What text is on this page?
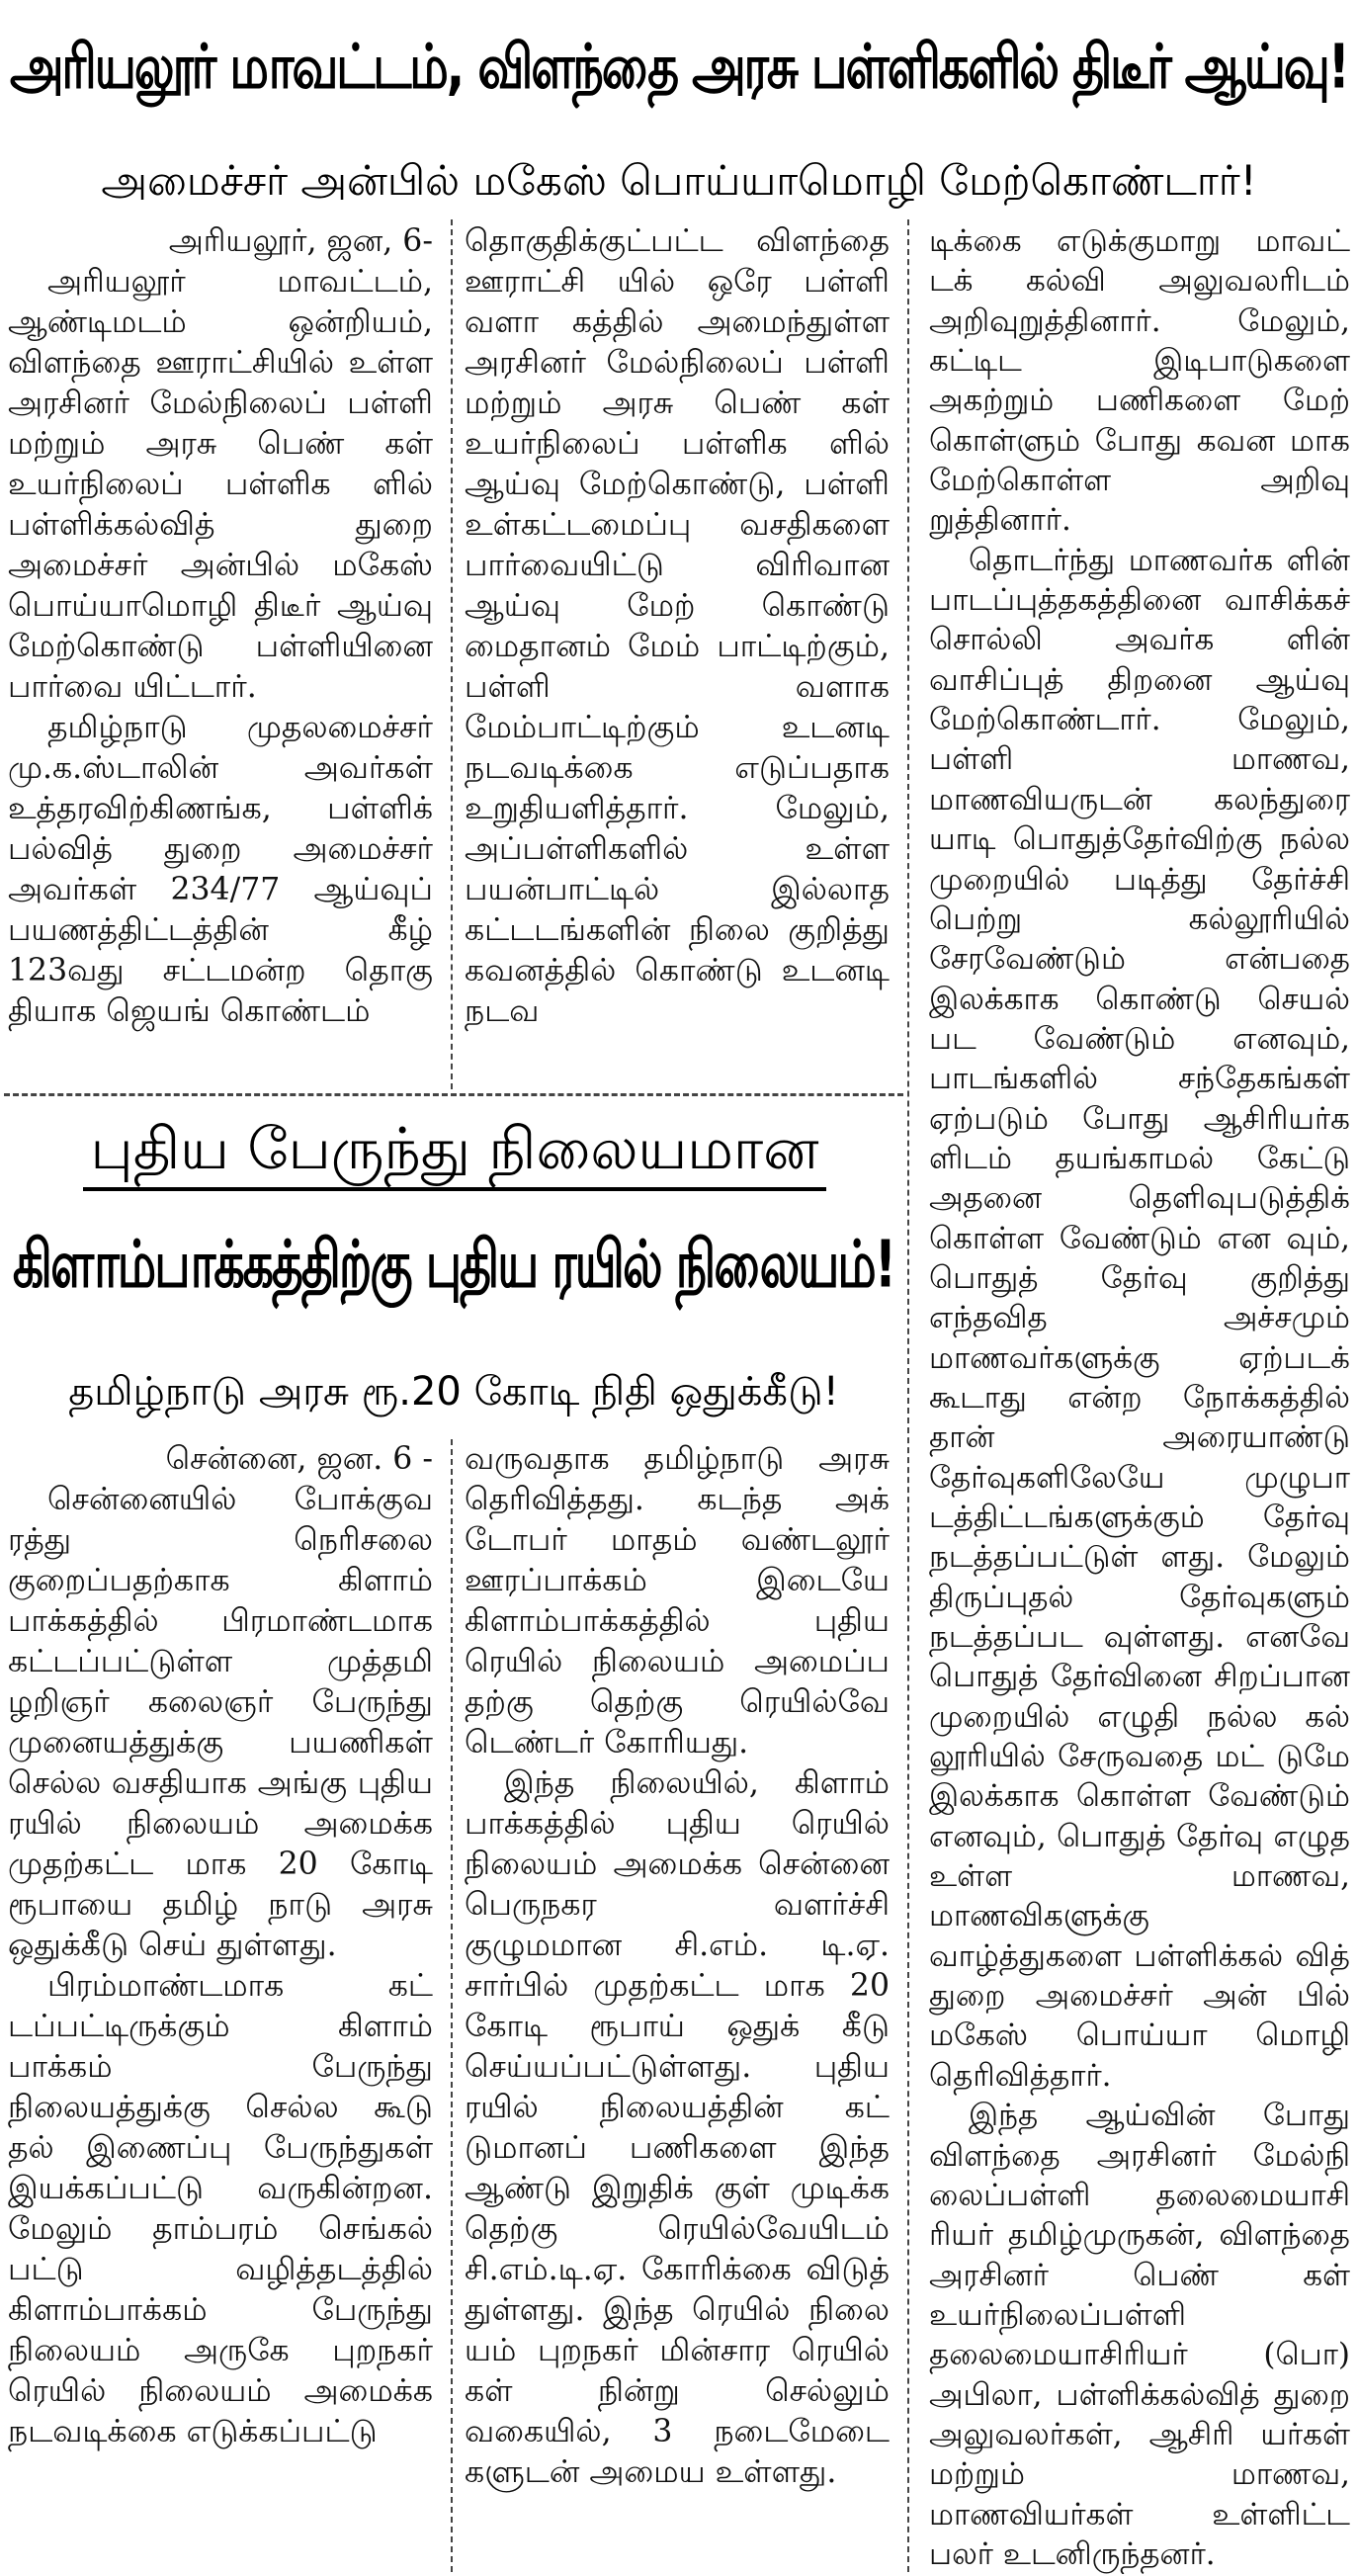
அரியலூர் மாவட்டம், விளந்தை அரசு பள்ளிகளில் திடீர் ஆய்வு!
அமைச்சர் அன்பில் மகேஸ் பொய்யாமொழி மேற்கொண்டார்!

அரியலூர், ஜன, 6-

அரியலூர் மாவட்டம், ஆண்டிமடம் ஒன்றியம், விளந்தை ஊராட்சியில் உள்ள அரசினர் மேல்நிலைப் பள்ளி மற்றும் அரசு பெண் கள் உயர்நிலைப் பள்ளிக ளில் பள்ளிக்கல்வித் துறை அமைச்சர் அன்பில் மகேஸ் பொய்யாமொழி திடீர் ஆய்வு மேற்கொண்டு பள்ளியினை பார்வை யிட்டார்.

தமிழ்நாடு முதலமைச்சர் மு.க.ஸ்டாலின் அவர்கள் உத்தரவிற்கிணங்க, பள்ளிக் பல்வித் துறை அமைச்சர் அவர்கள் 234/77 ஆய்வுப் பயணத்திட்டத்தின் கீழ் 123வது சட்டமன்ற தொகு தியாக ஜெயங் கொண்டம்

தொகுதிக்குட்பட்ட விளந்தை ஊராட்சி யில் ஒரே பள்ளி வளா கத்தில் அமைந்துள்ள அரசினர் மேல்நிலைப் பள்ளி மற்றும் அரசு பெண் கள் உயர்நிலைப் பள்ளிக ளில் ஆய்வு மேற்கொண்டு, பள்ளி உள்கட்டமைப்பு வசதிகளை பார்வையிட்டு விரிவான ஆய்வு மேற் கொண்டு மைதானம் மேம் பாட்டிற்கும், பள்ளி வளாக மேம்பாட்டிற்கும் உடனடி நடவடிக்கை எடுப்பதாக உறுதியளித்தார். மேலும், அப்பள்ளிகளில் உள்ள பயன்பாட்டில் இல்லாத கட்டடங்களின் நிலை குறித்து கவனத்தில் கொண்டு உடனடி நடவ

டிக்கை எடுக்குமாறு மாவட் டக் கல்வி அலுவலரிடம் அறிவுறுத்தினார். மேலும், கட்டிட இடிபாடுகளை அகற்றும் பணிகளை மேற் கொள்ளும் போது கவன மாக மேற்கொள்ள அறிவு றுத்தினார்.

தொடர்ந்து மாணவர்க ளின் பாடப்புத்தகத்தினை வாசிக்கச் சொல்லி அவர்க ளின் வாசிப்புத் திறனை ஆய்வு மேற்கொண்டார். மேலும், பள்ளி மாணவ, மாணவியருடன் கலந்துரை யாடி பொதுத்தேர்விற்கு நல்ல முறையில் படித்து தேர்ச்சி பெற்று கல்லூரியில் சேரவேண்டும் என்பதை இலக்காக கொண்டு செயல் பட வேண்டும் எனவும், பாடங்களில் சந்தேகங்கள் ஏற்படும் போது ஆசிரியர்க ளிடம் தயங்காமல் கேட்டு அதனை தெளிவுபடுத்திக் கொள்ள வேண்டும் என வும், பொதுத் தேர்வு குறித்து எந்தவித அச்சமும் மாணவர்களுக்கு ஏற்படக் கூடாது என்ற நோக்கத்தில் தான் அரையாண்டு தேர்வுகளிலேயே முழுபா டத்திட்டங்களுக்கும் தேர்வு நடத்தப்பட்டுள் ளது. மேலும் திருப்புதல் தேர்வுகளும் நடத்தப்பட வுள்ளது. எனவே பொதுத் தேர்வினை சிறப்பான முறையில் எழுதி நல்ல கல் லூரியில் சேருவதை மட் டுமே இலக்காக கொள்ள வேண்டும் எனவும், பொதுத் தேர்வு எழுத உள்ள மாணவ, மாணவிகளுக்கு வாழ்த்துகளை பள்ளிக்கல் வித் துறை அமைச்சர் அன் பில் மகேஸ் பொய்யா மொழி தெரிவித்தார்.

இந்த ஆய்வின் போது விளந்தை அரசினர் மேல்நி லைப்பள்ளி தலைமையாசி ரியர் தமிழ்முருகன், விளந்தை அரசினர் பெண் கள் உயர்நிலைப்பள்ளி தலைமையாசிரியர் (பொ) அபிலா, பள்ளிக்கல்வித் துறை அலுவலர்கள், ஆசிரி யர்கள் மற்றும் மாணவ, மாணவியர்கள் உள்ளிட்ட பலர் உடனிருந்தனர்.

புதிய பேருந்து நிலையமான
கிளாம்பாக்கத்திற்கு புதிய ரயில் நிலையம்!
தமிழ்நாடு அரசு ரூ.20 கோடி நிதி ஒதுக்கீடு!

சென்னை, ஜன. 6 -

சென்னையில் போக்குவ ரத்து நெரிசலை குறைப்பதற்காக கிளாம் பாக்கத்தில் பிரமாண்டமாக கட்டப்பட்டுள்ள முத்தமி ழறிஞர் கலைஞர் பேருந்து முனையத்துக்கு பயணிகள் செல்ல வசதியாக அங்கு புதிய ரயில் நிலையம் அமைக்க முதற்கட்ட மாக 20 கோடி ரூபாயை தமிழ் நாடு அரசு ஒதுக்கீடு செய் துள்ளது.

பிரம்மாண்டமாக கட் டப்பட்டிருக்கும் கிளாம் பாக்கம் பேருந்து நிலையத்துக்கு செல்ல கூடு தல் இணைப்பு பேருந்துகள் இயக்கப்பட்டு வருகின்றன. மேலும் தாம்பரம் செங்கல் பட்டு வழித்தடத்தில் கிளாம்பாக்கம் பேருந்து நிலையம் அருகே புறநகர் ரெயில் நிலையம் அமைக்க நடவடிக்கை எடுக்கப்பட்டு

வருவதாக தமிழ்நாடு அரசு தெரிவித்தது. கடந்த அக் டோபர் மாதம் வண்டலூர் ஊரப்பாக்கம் இடையே கிளாம்பாக்கத்தில் புதிய ரெயில் நிலையம் அமைப்ப தற்கு தெற்கு ரெயில்வே டெண்டர் கோரியது.

இந்த நிலையில், கிளாம் பாக்கத்தில் புதிய ரெயில் நிலையம் அமைக்க சென்னை பெருநகர வளர்ச்சி குழுமமான சி.எம். டி.ஏ. சார்பில் முதற்கட்ட மாக 20 கோடி ரூபாய் ஒதுக் கீடு செய்யப்பட்டுள்ளது. புதிய ரயில் நிலையத்தின் கட் டுமானப் பணிகளை இந்த ஆண்டு இறுதிக் குள் முடிக்க தெற்கு ரெயில்வேயிடம் சி.எம்.டி.ஏ. கோரிக்கை விடுத் துள்ளது. இந்த ரெயில் நிலை யம் புறநகர் மின்சார ரெயில் கள் நின்று செல்லும் வகையில், 3 நடைமேடை களுடன் அமைய உள்ளது.
